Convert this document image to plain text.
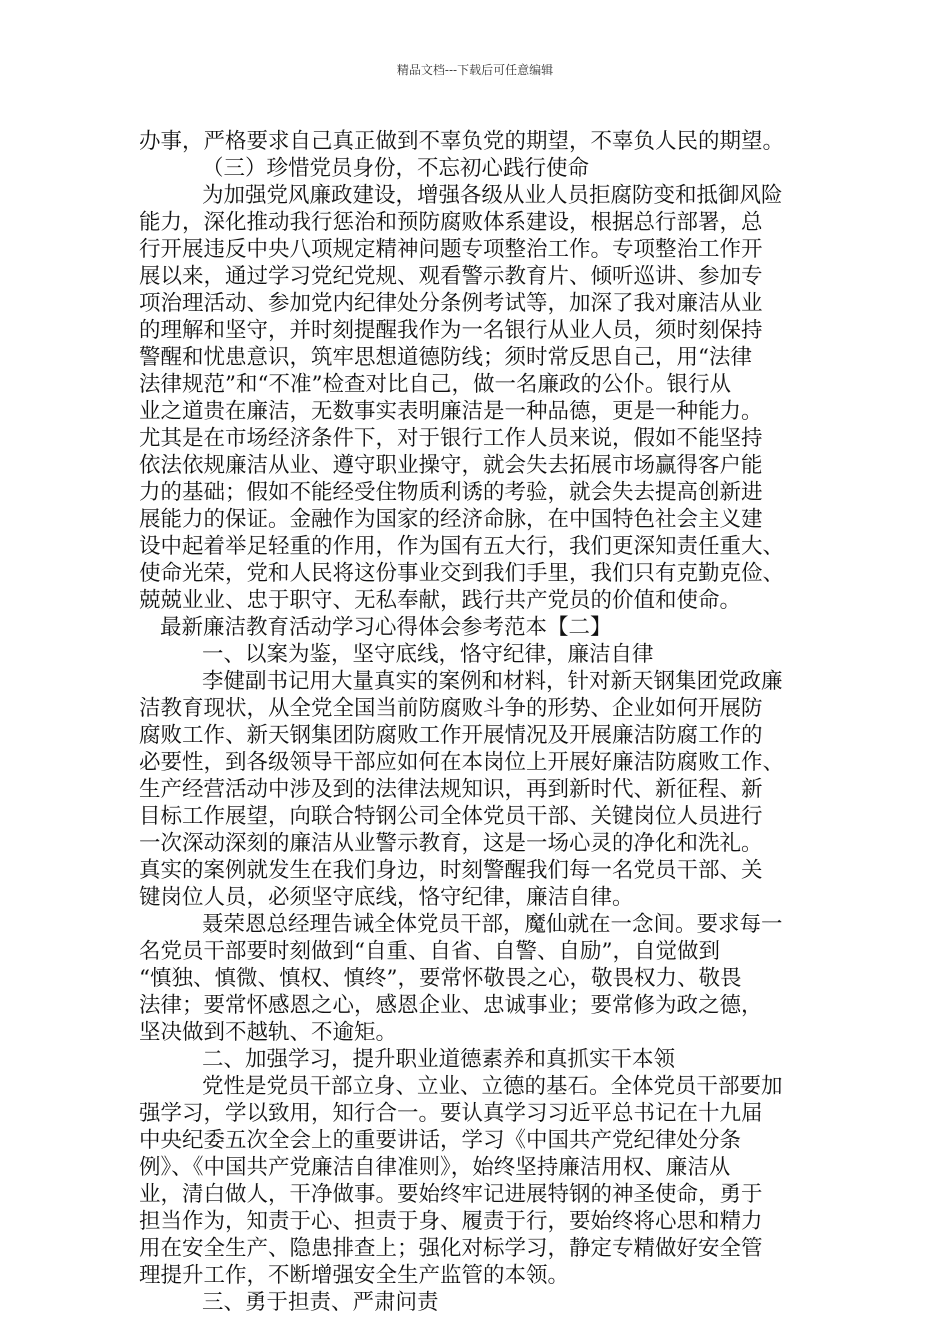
精品文档---下载后可任意编辑
办事，严格要求自己真正做到不辜负党的期望，不辜负人民的期望。
（三）珍惜党员身份，不忘初心践行使命
为加强党风廉政建设，增强各级从业人员拒腐防变和抵御风险
能力，深化推动我行惩治和预防腐败体系建设，根据总行部署，总
行开展违反中央八项规定精神问题专项整治工作。专项整治工作开
展以来，通过学习党纪党规、观看警示教育片、倾听巡讲、参加专
项治理活动、参加党内纪律处分条例考试等，加深了我对廉洁从业
的理解和坚守，并时刻提醒我作为一名银行从业人员，须时刻保持
警醒和忧患意识，筑牢思想道德防线；须时常反思自己，用“法律
法律规范”和“不准”检查对比自己，做一名廉政的公仆。银行从
业之道贵在廉洁，无数事实表明廉洁是一种品德，更是一种能力。
尤其是在市场经济条件下，对于银行工作人员来说，假如不能坚持
依法依规廉洁从业、遵守职业操守，就会失去拓展市场赢得客户能
力的基础；假如不能经受住物质利诱的考验，就会失去提高创新进
展能力的保证。金融作为国家的经济命脉，在中国特色社会主义建
设中起着举足轻重的作用，作为国有五大行，我们更深知责任重大、
使命光荣，党和人民将这份事业交到我们手里，我们只有克勤克俭、
兢兢业业、忠于职守、无私奉献，践行共产党员的价值和使命。
最新廉洁教育活动学习心得体会参考范本【二】
一、以案为鉴，坚守底线，恪守纪律，廉洁自律
李健副书记用大量真实的案例和材料，针对新天钢集团党政廉
洁教育现状，从全党全国当前防腐败斗争的形势、企业如何开展防
腐败工作、新天钢集团防腐败工作开展情况及开展廉洁防腐工作的
必要性，到各级领导干部应如何在本岗位上开展好廉洁防腐败工作、
生产经营活动中涉及到的法律法规知识，再到新时代、新征程、新
目标工作展望，向联合特钢公司全体党员干部、关键岗位人员进行
一次深动深刻的廉洁从业警示教育，这是一场心灵的净化和洗礼。
真实的案例就发生在我们身边，时刻警醒我们每一名党员干部、关
键岗位人员，必须坚守底线，恪守纪律，廉洁自律。
聂荣恩总经理告诫全体党员干部，魔仙就在一念间。要求每一
名党员干部要时刻做到“自重、自省、自警、自励”，自觉做到
“慎独、慎微、慎权、慎终”，要常怀敬畏之心，敬畏权力、敬畏
法律；要常怀感恩之心，感恩企业、忠诚事业；要常修为政之德，
坚决做到不越轨、不逾矩。
二、加强学习，提升职业道德素养和真抓实干本领
党性是党员干部立身、立业、立德的基石。全体党员干部要加
强学习，学以致用，知行合一。要认真学习习近平总书记在十九届
中央纪委五次全会上的重要讲话，学习《中国共产党纪律处分条
例》、《中国共产党廉洁自律准则》，始终坚持廉洁用权、廉洁从
业，清白做人，干净做事。要始终牢记进展特钢的神圣使命，勇于
担当作为，知责于心、担责于身、履责于行，要始终将心思和精力
用在安全生产、隐患排查上；强化对标学习，静定专精做好安全管
理提升工作，不断增强安全生产监管的本领。
三、勇于担责、严肃问责
